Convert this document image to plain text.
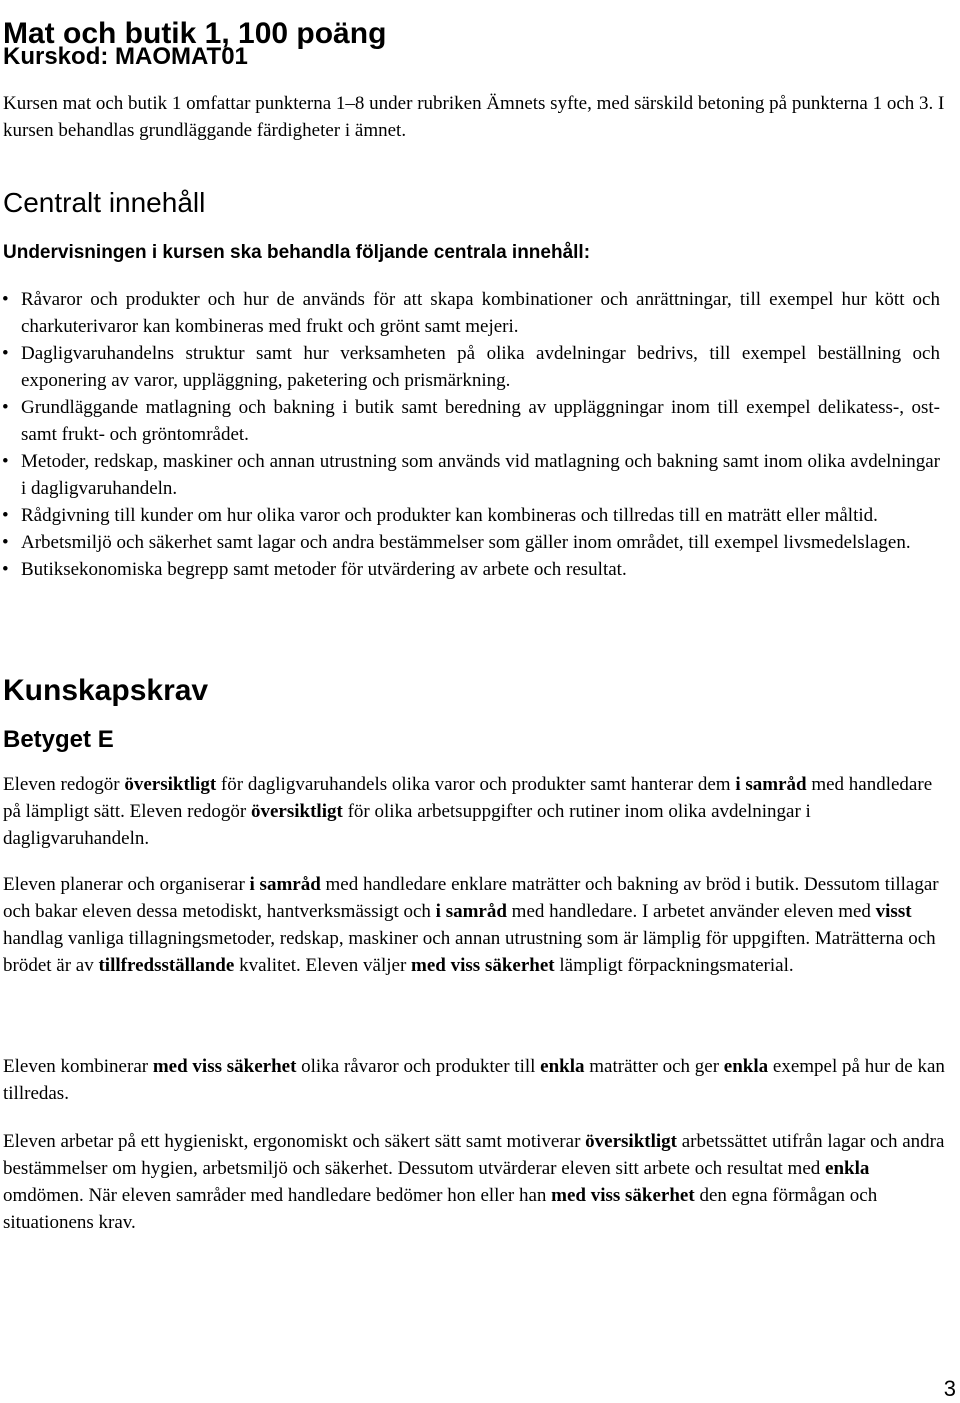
Mat och butik 1, 100 poäng
Kurskod: MAOMAT01

Kursen mat och butik 1 omfattar punkterna 1–8 under rubriken Ämnets syfte, med särskild betoning på punkterna 1 och 3. I kursen behandlas grundläggande färdigheter i ämnet.

Centralt innehåll
Undervisningen i kursen ska behandla följande centrala innehåll:
• Råvaror och produkter och hur de används för att skapa kombinationer och anrättningar, till exempel hur kött och charkuterivaror kan kombineras med frukt och grönt samt mejeri.
• Dagligvaruhandelns struktur samt hur verksamheten på olika avdelningar bedrivs, till exempel beställning och exponering av varor, uppläggning, paketering och prismärkning.
• Grundläggande matlagning och bakning i butik samt beredning av uppläggningar inom till exempel delikatess-, ost- samt frukt- och gröntområdet.
• Metoder, redskap, maskiner och annan utrustning som används vid matlagning och bakning samt inom olika avdelningar i dagligvaruhandeln.
• Rådgivning till kunder om hur olika varor och produkter kan kombineras och tillredas till en maträtt eller måltid.
• Arbetsmiljö och säkerhet samt lagar och andra bestämmelser som gäller inom området, till exempel livsmedelslagen.
• Butiksekonomiska begrepp samt metoder för utvärdering av arbete och resultat.
Kunskapskrav
Betyget E

Eleven redogör översiktligt för dagligvaruhandels olika varor och produkter samt hanterar dem i samråd med handledare på lämpligt sätt. Eleven redogör översiktligt för olika arbetsuppgifter och rutiner inom olika avdelningar i dagligvaruhandeln.

Eleven planerar och organiserar i samråd med handledare enklare maträtter och bakning av bröd i butik. Dessutom tillagar och bakar eleven dessa metodiskt, hantverksmässigt och i samråd med handledare. I arbetet använder eleven med visst handlag vanliga tillagningsmetoder, redskap, maskiner och annan utrustning som är lämplig för uppgiften. Maträtterna och brödet är av tillfredsställande kvalitet. Eleven väljer med viss säkerhet lämpligt förpackningsmaterial.

Eleven kombinerar med viss säkerhet olika råvaror och produkter till enkla maträtter och ger enkla exempel på hur de kan tillredas.

Eleven arbetar på ett hygieniskt, ergonomiskt och säkert sätt samt motiverar översiktligt arbetssättet utifrån lagar och andra bestämmelser om hygien, arbetsmiljö och säkerhet. Dessutom utvärderar eleven sitt arbete och resultat med enkla omdömen. När eleven samråder med handledare bedömer hon eller han med viss säkerhet den egna förmågan och situationens krav.

3
